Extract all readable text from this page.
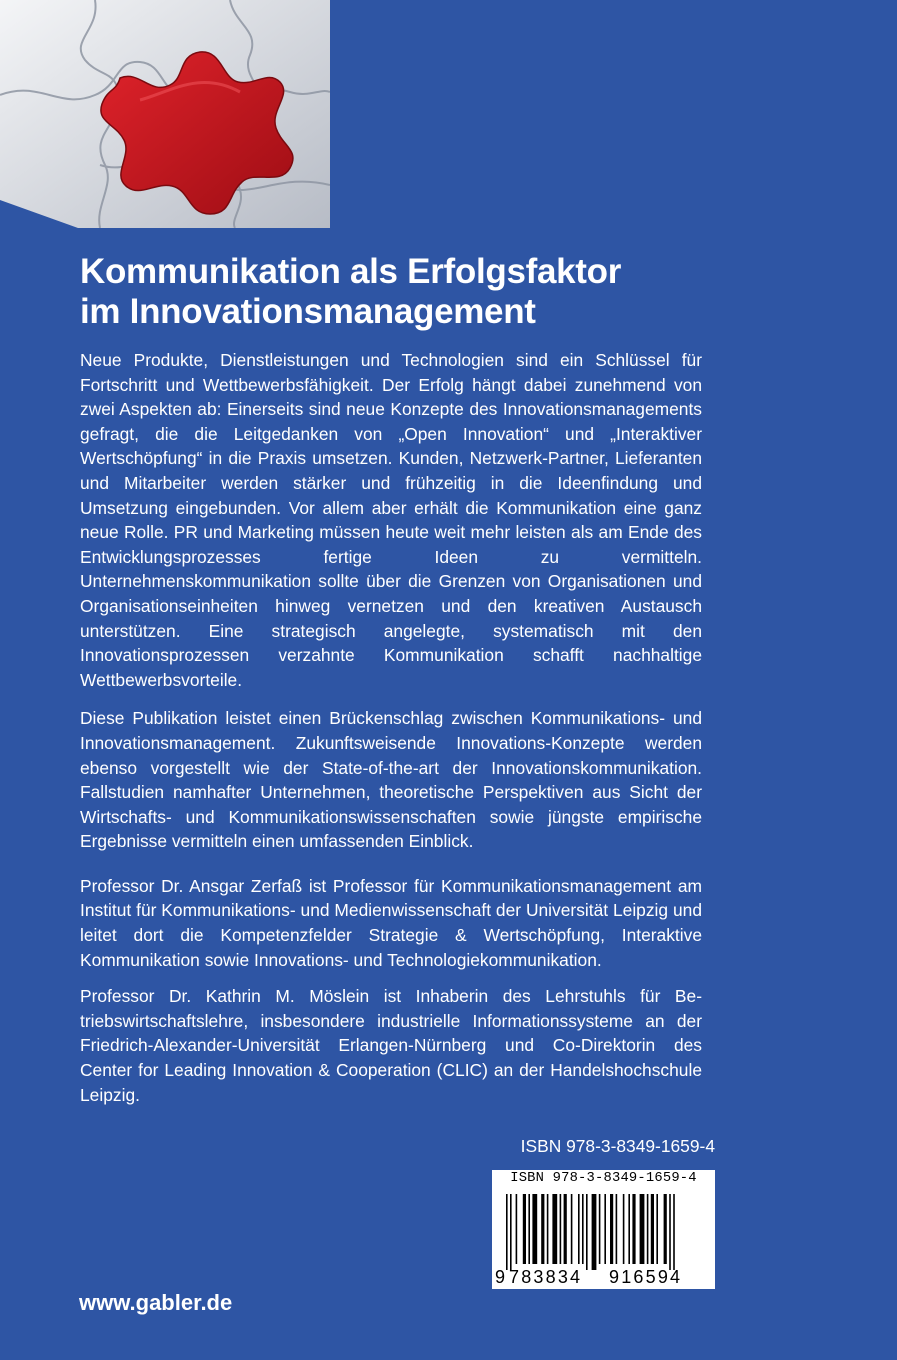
Kommunikation als Erfolgsfaktor
im Innovationsmanagement

Neue Produkte, Dienstleistungen und Technologien sind ein Schlüssel für Fortschritt und Wettbewerbsfähigkeit. Der Erfolg hängt dabei zunehmend von zwei Aspekten ab: Einerseits sind neue Konzepte des Innovationsmanagements gefragt, die die Leitgedanken von „Open Innovation“ und „Interaktiver Wertschöpfung“ in die Praxis umsetzen. Kunden, Netzwerk-Partner, Lieferanten und Mitarbeiter werden stärker und frühzeitig in die Ideenfindung und Umsetzung eingebunden. Vor allem aber erhält die Kommunikation eine ganz neue Rolle. PR und Marketing müssen heute weit mehr leisten als am Ende des Entwicklungsprozesses fertige Ideen zu vermitteln. Unternehmenskommunikation sollte über die Grenzen von Organisationen und Organisationseinheiten hinweg vernetzen und den kreativen Austausch unterstützen. Eine strategisch angelegte, systematisch mit den Innovationsprozessen verzahnte Kommunikation schafft nachhaltige Wettbewerbsvorteile.

Diese Publikation leistet einen Brückenschlag zwischen Kommunikations- und Innovationsmanagement. Zukunftsweisende Innovations-Konzepte werden ebenso vorgestellt wie der State-of-the-art der Innovationskommunikation. Fallstudien namhafter Unternehmen, theoretische Perspektiven aus Sicht der Wirtschafts- und Kommunikationswissenschaften sowie jüngste empirische Ergebnisse vermitteln einen umfassenden Einblick.

Professor Dr. Ansgar Zerfaß ist Professor für Kommunikationsmanagement am Institut für Kommunikations- und Medienwissenschaft der Universität Leipzig und leitet dort die Kompetenzfelder Strategie & Wertschöpfung, Interaktive Kommunikation sowie Innovations- und Technologiekommunikation.

Professor Dr. Kathrin M. Möslein ist Inhaberin des Lehrstuhls für Betriebswirtschaftslehre, insbesondere industrielle Informationssysteme an der Friedrich-Alexander-Universität Erlangen-Nürnberg und Co-Direktorin des Center for Leading Innovation & Cooperation (CLIC) an der Handelshochschule Leipzig.

ISBN 978-3-8349-1659-4
ISBN 978-3-8349-1659-4
9 783834 916594
www.gabler.de
